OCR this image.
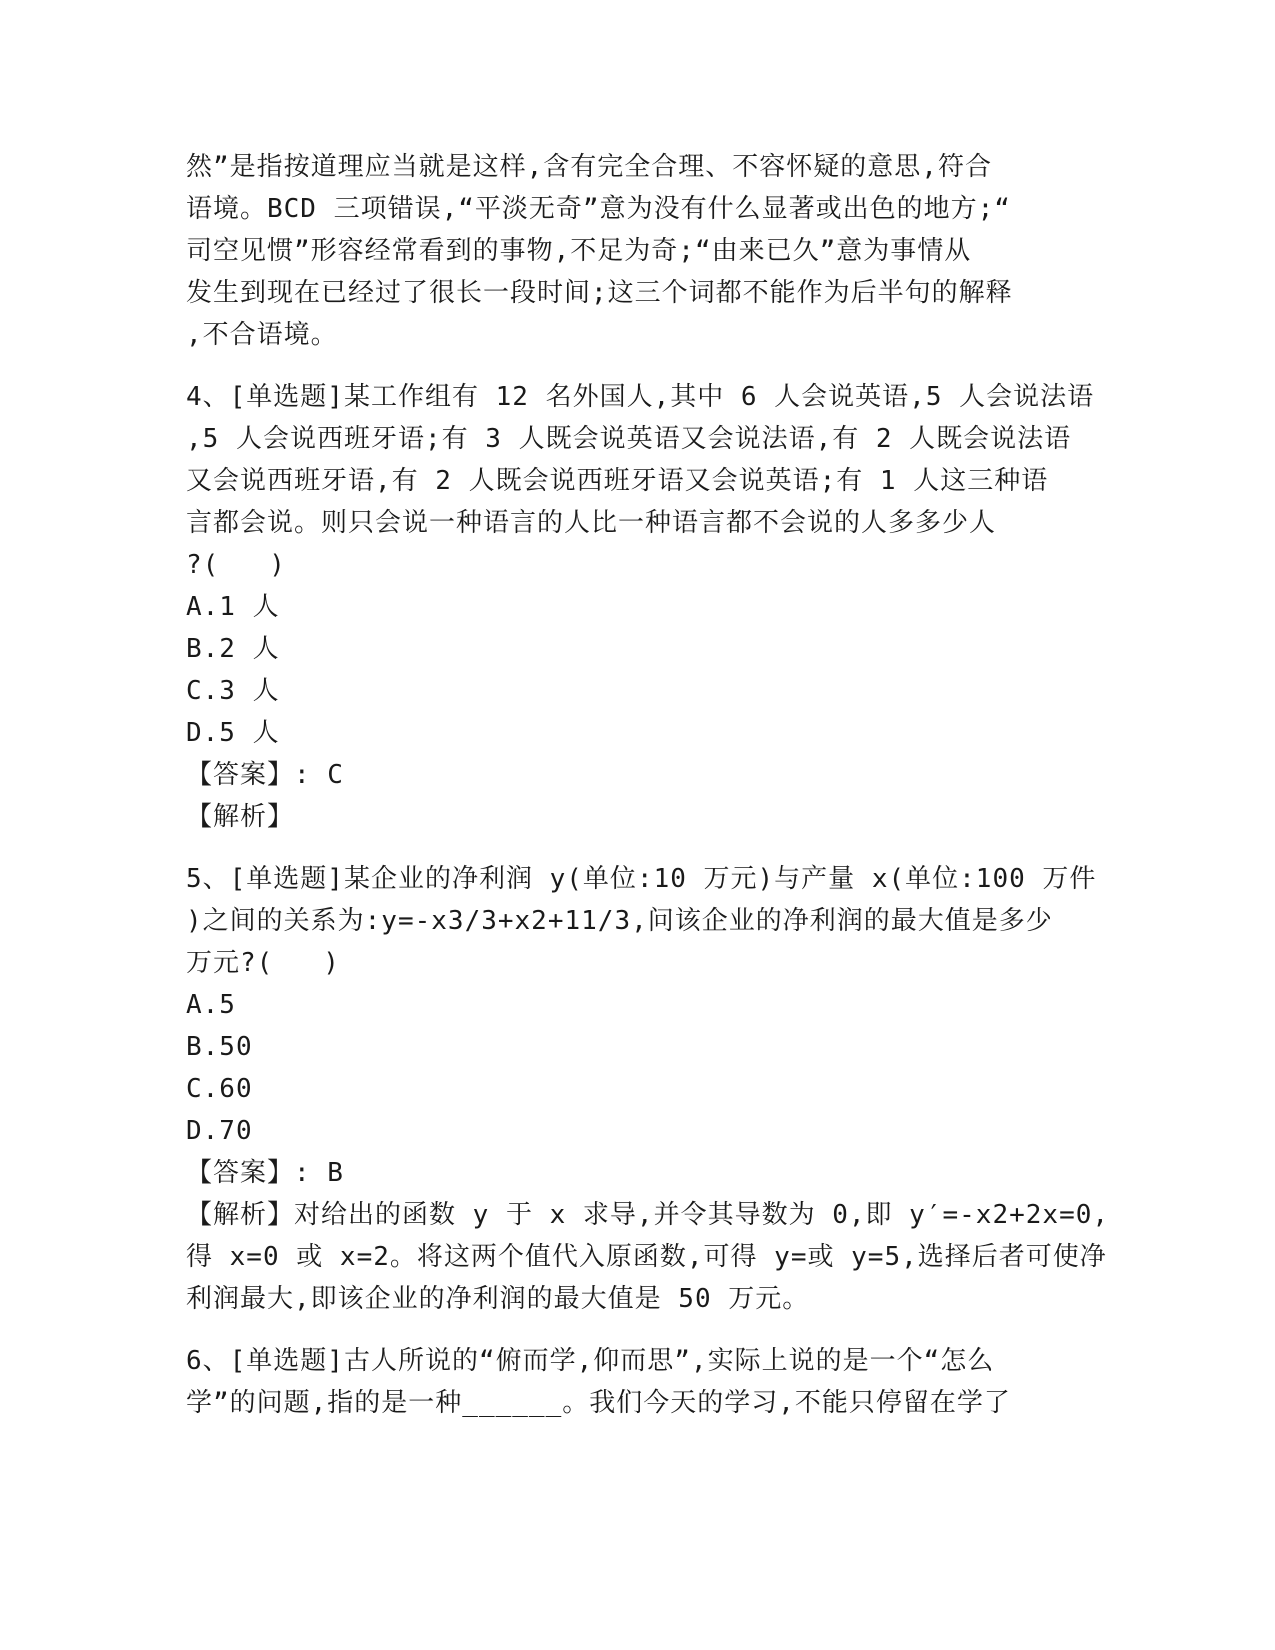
然”是指按道理应当就是这样,含有完全合理、不容怀疑的意思,符合
语境。BCD 三项错误,“平淡无奇”意为没有什么显著或出色的地方;“
司空见惯”形容经常看到的事物,不足为奇;“由来已久”意为事情从
发生到现在已经过了很长一段时间;这三个词都不能作为后半句的解释
,不合语境。
4、[单选题]某工作组有 12 名外国人,其中 6 人会说英语,5 人会说法语
,5 人会说西班牙语;有 3 人既会说英语又会说法语,有 2 人既会说法语
又会说西班牙语,有 2 人既会说西班牙语又会说英语;有 1 人这三种语
言都会说。则只会说一种语言的人比一种语言都不会说的人多多少人
?(   )
A.1 人
B.2 人
C.3 人
D.5 人
【答案】: C
【解析】
5、[单选题]某企业的净利润 y(单位:10 万元)与产量 x(单位:100 万件
)之间的关系为:y=-x3/3+x2+11/3,问该企业的净利润的最大值是多少
万元?(   )
A.5
B.50
C.60
D.70
【答案】: B
【解析】对给出的函数 y 于 x 求导,并令其导数为 0,即 y′=-x2+2x=0,
得 x=0 或 x=2。将这两个值代入原函数,可得 y=或 y=5,选择后者可使净
利润最大,即该企业的净利润的最大值是 50 万元。
6、[单选题]古人所说的“俯而学,仰而思”,实际上说的是一个“怎么
学”的问题,指的是一种______。我们今天的学习,不能只停留在学了
